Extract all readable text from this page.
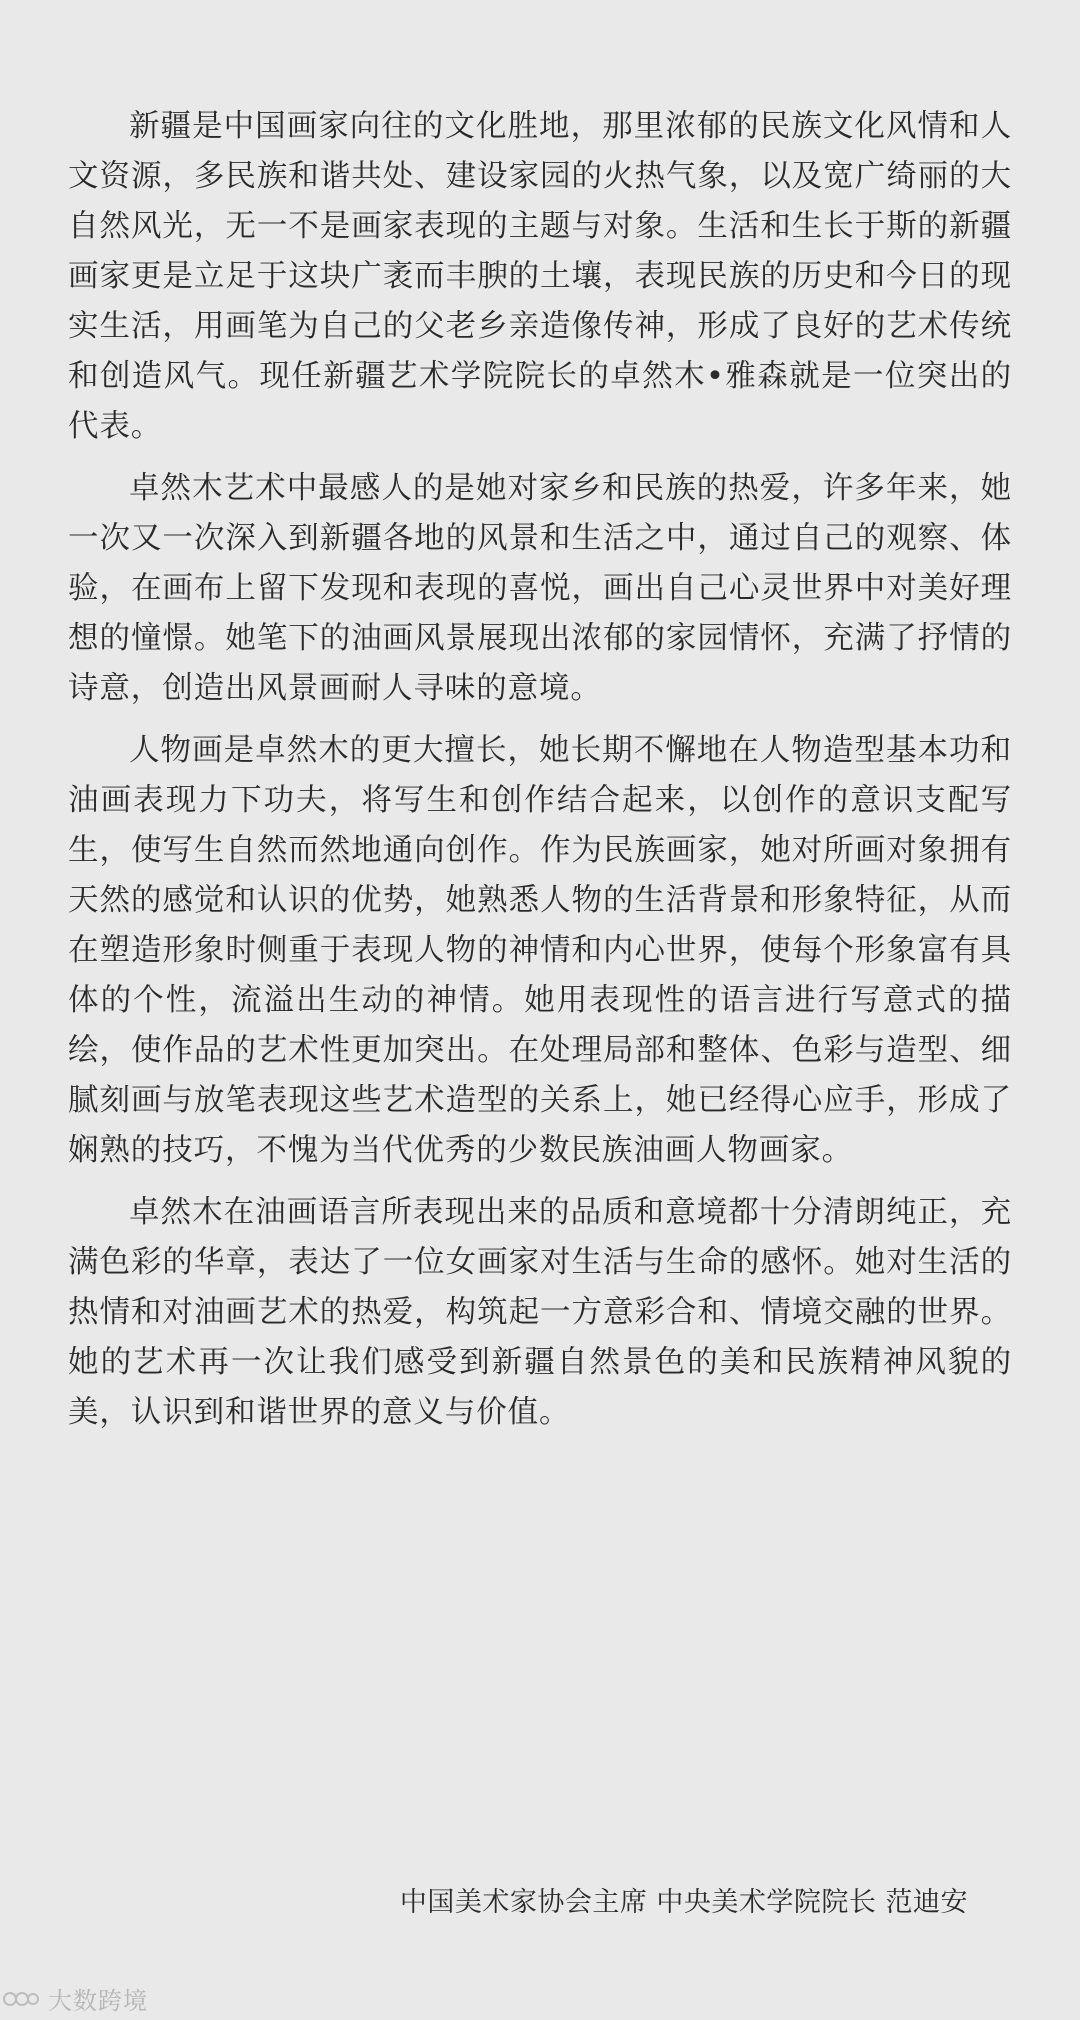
新疆是中国画家向往的文化胜地，那里浓郁的民族文化风情和人文资源，多民族和谐共处、建设家园的火热气象，以及宽广绮丽的大自然风光，无一不是画家表现的主题与对象。生活和生长于斯的新疆画家更是立足于这块广袤而丰腴的土壤，表现民族的历史和今日的现实生活，用画笔为自己的父老乡亲造像传神，形成了良好的艺术传统和创造风气。现任新疆艺术学院院长的卓然木•雅森就是一位突出的代表。

卓然木艺术中最感人的是她对家乡和民族的热爱，许多年来，她一次又一次深入到新疆各地的风景和生活之中，通过自己的观察、体验，在画布上留下发现和表现的喜悦，画出自己心灵世界中对美好理想的憧憬。她笔下的油画风景展现出浓郁的家园情怀，充满了抒情的诗意，创造出风景画耐人寻味的意境。

人物画是卓然木的更大擅长，她长期不懈地在人物造型基本功和油画表现力下功夫，将写生和创作结合起来，以创作的意识支配写生，使写生自然而然地通向创作。作为民族画家，她对所画对象拥有天然的感觉和认识的优势，她熟悉人物的生活背景和形象特征，从而在塑造形象时侧重于表现人物的神情和内心世界，使每个形象富有具体的个性，流溢出生动的神情。她用表现性的语言进行写意式的描绘，使作品的艺术性更加突出。在处理局部和整体、色彩与造型、细腻刻画与放笔表现这些艺术造型的关系上，她已经得心应手，形成了娴熟的技巧，不愧为当代优秀的少数民族油画人物画家。

卓然木在油画语言所表现出来的品质和意境都十分清朗纯正，充满色彩的华章，表达了一位女画家对生活与生命的感怀。她对生活的热情和对油画艺术的热爱，构筑起一方意彩合和、情境交融的世界。她的艺术再一次让我们感受到新疆自然景色的美和民族精神风貌的美，认识到和谐世界的意义与价值。

中国美术家协会主席 中央美术学院院长 范迪安
大数跨境
